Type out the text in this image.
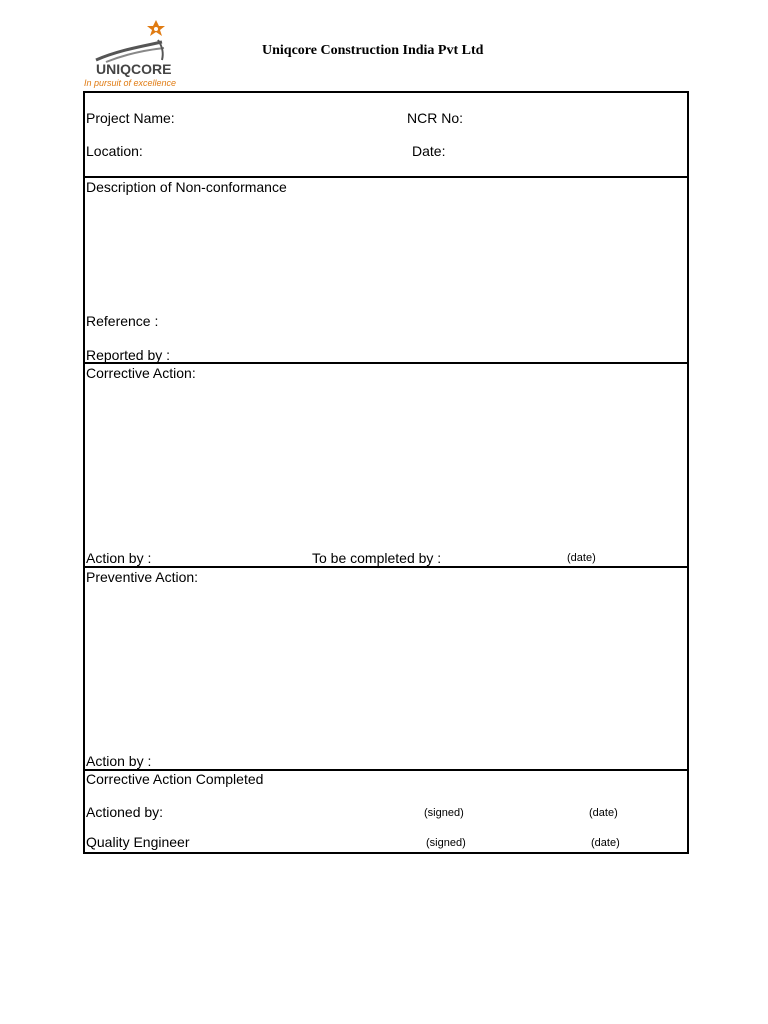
UNIQCORE
In pursuit of excellence
Uniqcore Construction India Pvt Ltd
Project Name:	NCR No:
Location:	Date:
Description of Non-conformance
Reference :
Reported by :
Corrective Action:
Action by :	To be completed by :	(date)
Preventive Action:
Action by :
Corrective Action Completed
Actioned by:	(signed)	(date)
Quality Engineer	(signed)	(date)
